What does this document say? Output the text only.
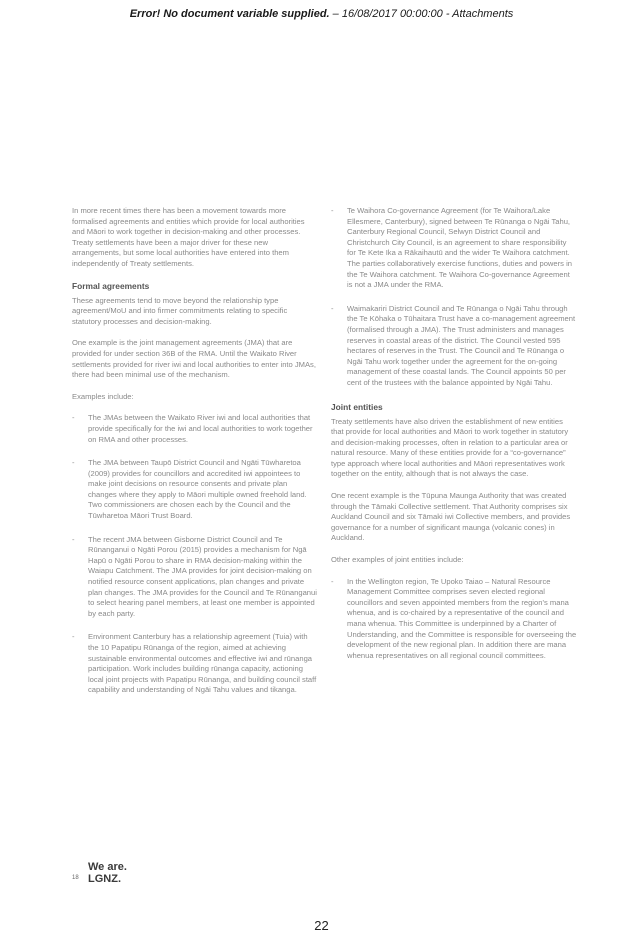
Error! No document variable supplied. – 16/08/2017 00:00:00 - Attachments

In more recent times there has been a movement towards more formalised agreements and entities which provide for local authorities and Māori to work together in decision-making and other processes. Treaty settlements have been a major driver for these new arrangements, but some local authorities have entered into them independently of Treaty settlements.

Formal agreements

These agreements tend to move beyond the relationship type agreement/MoU and into firmer commitments relating to specific statutory processes and decision-making.

One example is the joint management agreements (JMA) that are provided for under section 36B of the RMA. Until the Waikato River settlements provided for river iwi and local authorities to enter into JMAs, there had been minimal use of the mechanism.

Examples include:

- The JMAs between the Waikato River iwi and local authorities that provide specifically for the iwi and local authorities to work together on RMA and other processes.
- The JMA between Taupō District Council and Ngāti Tūwharetoa (2009) provides for councillors and accredited iwi appointees to make joint decisions on resource consents and private plan changes where they apply to Māori multiple owned freehold land. Two commissioners are chosen each by the Council and the Tūwharetoa Māori Trust Board.
- The recent JMA between Gisborne District Council and Te Rūnanganui o Ngāti Porou (2015) provides a mechanism for Ngā Hapū o Ngāti Porou to share in RMA decision-making within the Waiapu Catchment. The JMA provides for joint decision-making on notified resource consent applications, plan changes and private plan changes. The JMA provides for the Council and Te Rūnanganui to select hearing panel members, at least one member is appointed by each party.
- Environment Canterbury has a relationship agreement (Tuia) with the 10 Papatipu Rūnanga of the region, aimed at achieving sustainable environmental outcomes and effective iwi and rūnanga participation. Work includes building rūnanga capacity, actioning local joint projects with Papatipu Rūnanga, and building council staff capability and understanding of Ngāi Tahu values and tikanga.
- Te Waihora Co-governance Agreement (for Te Waihora/Lake Ellesmere, Canterbury), signed between Te Rūnanga o Ngāi Tahu, Canterbury Regional Council, Selwyn District Council and Christchurch City Council, is an agreement to share responsibility for Te Kete Ika a Rākaihautū and the wider Te Waihora catchment. The parties collaboratively exercise functions, duties and powers in the Te Waihora catchment. Te Waihora Co-governance Agreement is not a JMA under the RMA.
- Waimakariri District Council and Te Rūnanga o Ngāi Tahu through the Te Kōhaka o Tūhaitara Trust have a co-management agreement (formalised through a JMA). The Trust administers and manages reserves in coastal areas of the district. The Council vested 595 hectares of reserves in the Trust. The Council and Te Rūnanga o Ngāi Tahu work together under the agreement for the on-going management of these coastal lands. The Council appoints 50 per cent of the trustees with the balance appointed by Ngāi Tahu.
Joint entities

Treaty settlements have also driven the establishment of new entities that provide for local authorities and Māori to work together in statutory and decision-making processes, often in relation to a particular area or natural resource. Many of these entities provide for a “co-governance” type approach where local authorities and Māori representatives work together on the entity, although that is not always the case.

One recent example is the Tūpuna Maunga Authority that was created through the Tāmaki Collective settlement. That Authority comprises six Auckland Council and six Tāmaki iwi Collective members, and provides governance for a number of significant maunga (volcanic cones) in Auckland.

Other examples of joint entities include:

- In the Wellington region, Te Upoko Taiao – Natural Resource Management Committee comprises seven elected regional councillors and seven appointed members from the region’s mana whenua, and is co-chaired by a representative of the council and mana whenua. This Committee is underpinned by a Charter of Understanding, and the Committee is responsible for overseeing the development of the new regional plan. In addition there are mana whenua representatives on all regional council committees.
We are.
LGNZ.
18
22
